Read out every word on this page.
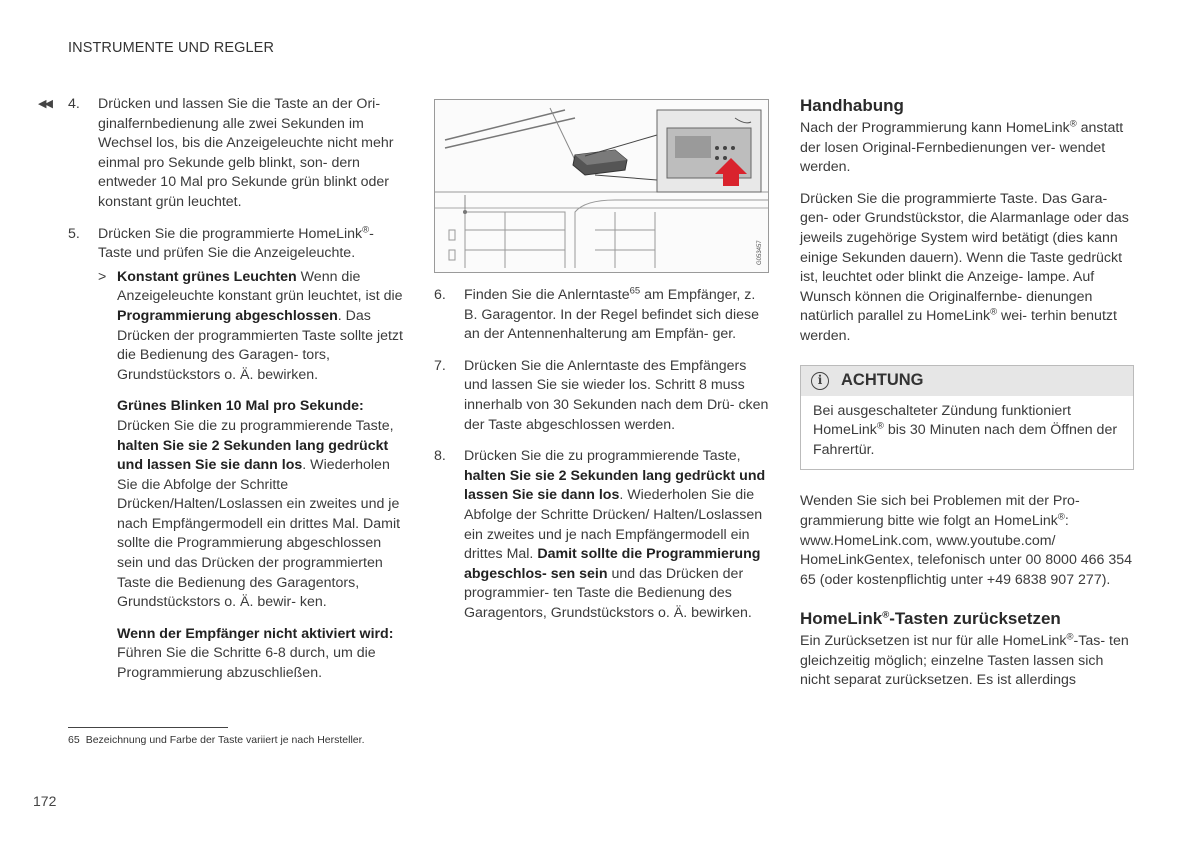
INSTRUMENTE UND REGLER
◀◀ 4.	Drücken und lassen Sie die Taste an der Ori- ginalfernbedienung alle zwei Sekunden im Wechsel los, bis die Anzeigeleuchte nicht mehr einmal pro Sekunde gelb blinkt, son- dern entweder 10 Mal pro Sekunde grün blinkt oder konstant grün leuchtet.
5.	Drücken Sie die programmierte HomeLink®- Taste und prüfen Sie die Anzeigeleuchte.
> Konstant grünes Leuchten Wenn die Anzeigeleuchte konstant grün leuchtet, ist die Programmierung abgeschlossen. Das Drücken der programmierten Taste sollte jetzt die Bedienung des Garagen- tors, Grundstückstors o. Ä. bewirken.
Grünes Blinken 10 Mal pro Sekunde: Drücken Sie die zu programmierende Taste, halten Sie sie 2 Sekunden lang gedrückt und lassen Sie sie dann los. Wiederholen Sie die Abfolge der Schritte Drücken/Halten/Loslassen ein zweites und je nach Empfängermodell ein drittes Mal. Damit sollte die Programmierung abgeschlossen sein und das Drücken der programmierten Taste die Bedienung des Garagentors, Grundstückstors o. Ä. bewir- ken.
Wenn der Empfänger nicht aktiviert wird: Führen Sie die Schritte 6-8 durch, um die Programmierung abzuschließen.
G053457
6.	Finden Sie die Anlerntaste$^{65}$ am Empfänger, z. B. Garagentor. In der Regel befindet sich diese an der Antennenhalterung am Empfän- ger.
7.	Drücken Sie die Anlerntaste des Empfängers und lassen Sie sie wieder los. Schritt 8 muss innerhalb von 30 Sekunden nach dem Drü- cken der Taste abgeschlossen werden.
8.	Drücken Sie die zu programmierende Taste, halten Sie sie 2 Sekunden lang gedrückt und lassen Sie sie dann los. Wiederholen Sie die Abfolge der Schritte Drücken/ Halten/Loslassen ein zweites und je nach Empfängermodell ein drittes Mal. Damit sollte die Programmierung abgeschlos- sen sein und das Drücken der programmier- ten Taste die Bedienung des Garagentors, Grundstückstors o. Ä. bewirken.
Handhabung
Nach der Programmierung kann HomeLink® anstatt der losen Original-Fernbedienungen ver- wendet werden.
Drücken Sie die programmierte Taste. Das Gara- gen- oder Grundstückstor, die Alarmanlage oder das jeweils zugehörige System wird betätigt (dies kann einige Sekunden dauern). Wenn die Taste gedrückt ist, leuchtet oder blinkt die Anzeige- lampe. Auf Wunsch können die Originalfernbe- dienungen natürlich parallel zu HomeLink® wei- terhin benutzt werden.
i	ACHTUNG
Bei ausgeschalteter Zündung funktioniert HomeLink® bis 30 Minuten nach dem Öffnen der Fahrertür.
Wenden Sie sich bei Problemen mit der Pro- grammierung bitte wie folgt an HomeLink®: www.HomeLink.com, www.youtube.com/ HomeLinkGentex, telefonisch unter 00 8000 466 354 65 (oder kostenpflichtig unter +49 6838 907 277).
HomeLink®-Tasten zurücksetzen
Ein Zurücksetzen ist nur für alle HomeLink®-Tas- ten gleichzeitig möglich; einzelne Tasten lassen sich nicht separat zurücksetzen. Es ist allerdings
65 Bezeichnung und Farbe der Taste variiert je nach Hersteller.
172
